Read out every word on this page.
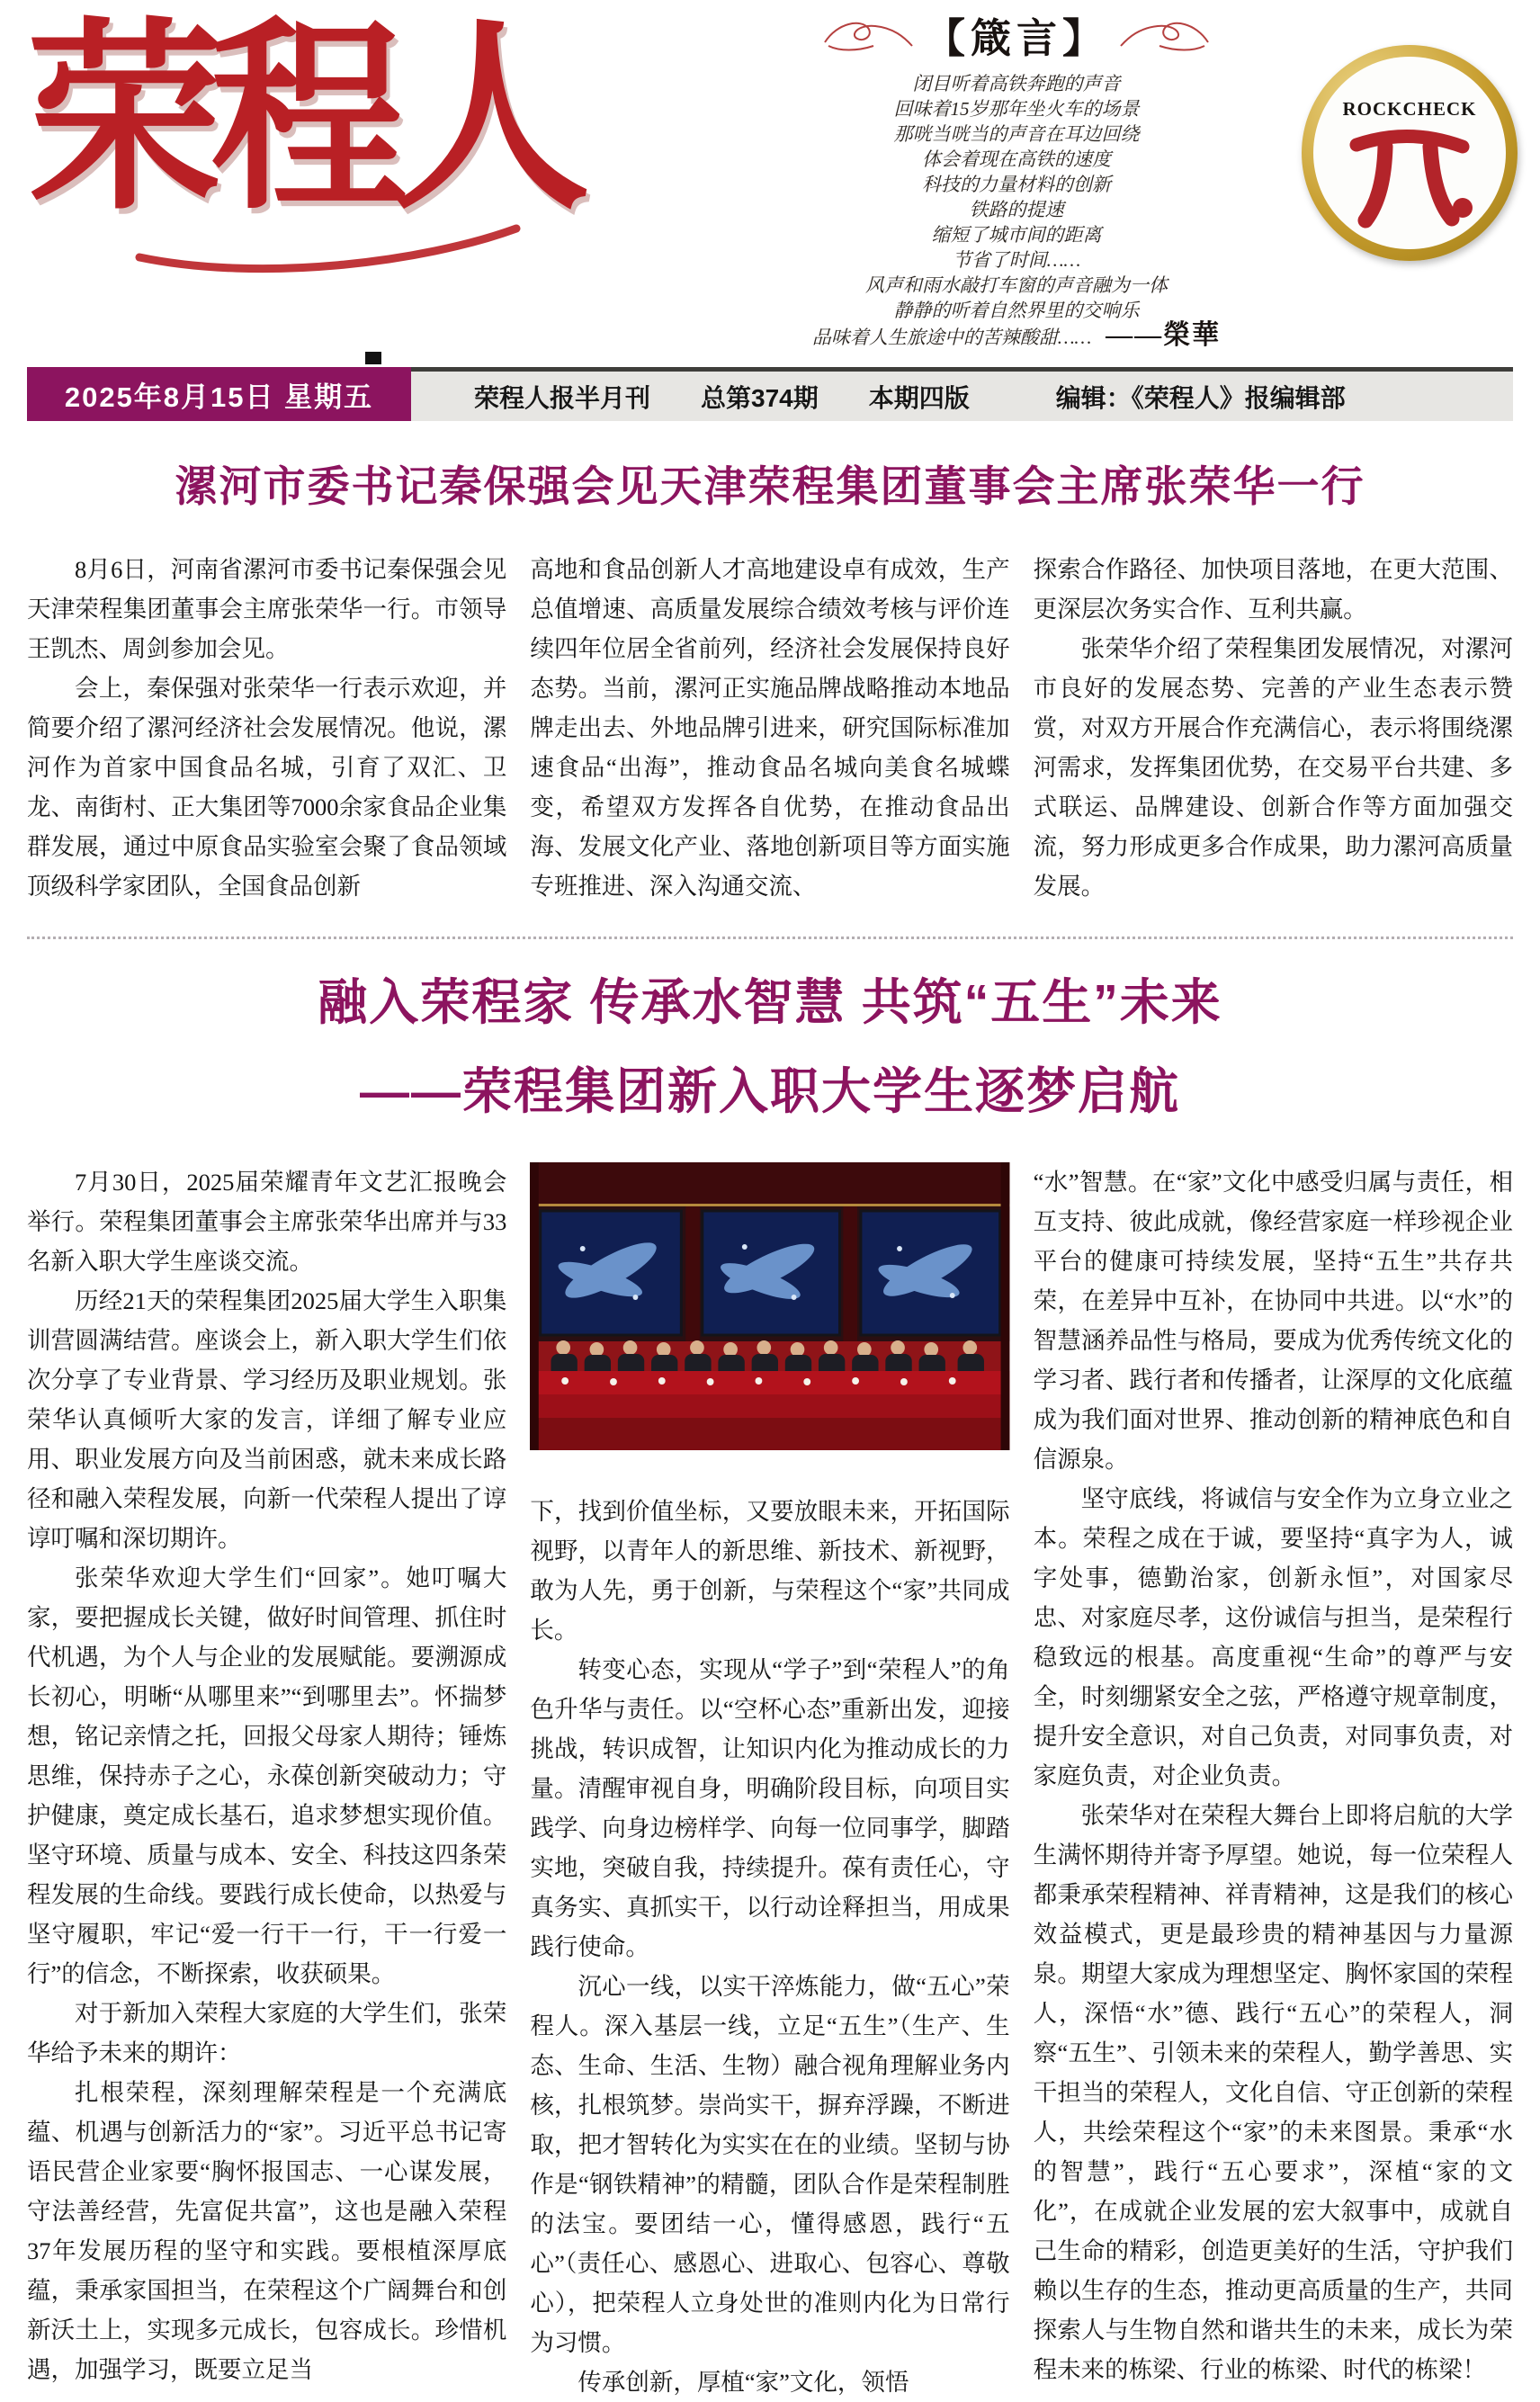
荣程人	【箴言】
闭目听着高铁奔跑的声音
回味着15岁那年坐火车的场景
那咣当咣当的声音在耳边回绕
体会着现在高铁的速度
科技的力量材料的创新
铁路的提速
缩短了城市间的距离
节省了时间……
风声和雨水敲打车窗的声音融为一体
静静的听着自然界里的交响乐
品味着人生旅途中的苦辣酸甜…… ——榮華
ROCKCHECK
2025年8月15日 星期五	荣程人报半月刊 总第374期 本期四版	编辑：《荣程人》报编辑部
漯河市委书记秦保强会见天津荣程集团董事会主席张荣华一行

8月6日，河南省漯河市委书记秦保强会见天津荣程集团董事会主席张荣华一行。市领导王凯杰、周剑参加会见。

会上，秦保强对张荣华一行表示欢迎，并简要介绍了漯河经济社会发展情况。他说，漯河作为首家中国食品名城，引育了双汇、卫龙、南街村、正大集团等7000余家食品企业集群发展，通过中原食品实验室会聚了食品领域顶级科学家团队，全国食品创新

高地和食品创新人才高地建设卓有成效，生产总值增速、高质量发展综合绩效考核与评价连续四年位居全省前列，经济社会发展保持良好态势。当前，漯河正实施品牌战略推动本地品牌走出去、外地品牌引进来，研究国际标准加速食品“出海”，推动食品名城向美食名城蝶变，希望双方发挥各自优势，在推动食品出海、发展文化产业、落地创新项目等方面实施专班推进、深入沟通交流、

探索合作路径、加快项目落地，在更大范围、更深层次务实合作、互利共赢。

张荣华介绍了荣程集团发展情况，对漯河市良好的发展态势、完善的产业生态表示赞赏，对双方开展合作充满信心，表示将围绕漯河需求，发挥集团优势，在交易平台共建、多式联运、品牌建设、创新合作等方面加强交流，努力形成更多合作成果，助力漯河高质量发展。

融入荣程家 传承水智慧 共筑“五生”未来
——荣程集团新入职大学生逐梦启航

7月30日，2025届荣耀青年文艺汇报晚会举行。荣程集团董事会主席张荣华出席并与33名新入职大学生座谈交流。

历经21天的荣程集团2025届大学生入职集训营圆满结营。座谈会上，新入职大学生们依次分享了专业背景、学习经历及职业规划。张荣华认真倾听大家的发言，详细了解专业应用、职业发展方向及当前困惑，就未来成长路径和融入荣程发展，向新一代荣程人提出了谆谆叮嘱和深切期许。

张荣华欢迎大学生们“回家”。她叮嘱大家，要把握成长关键，做好时间管理、抓住时代机遇，为个人与企业的发展赋能。要溯源成长初心，明晰“从哪里来”“到哪里去”。怀揣梦想，铭记亲情之托，回报父母家人期待；锤炼思维，保持赤子之心，永葆创新突破动力；守护健康，奠定成长基石，追求梦想实现价值。坚守环境、质量与成本、安全、科技这四条荣程发展的生命线。要践行成长使命，以热爱与坚守履职，牢记“爱一行干一行，干一行爱一行”的信念，不断探索，收获硕果。

对于新加入荣程大家庭的大学生们，张荣华给予未来的期许：

扎根荣程，深刻理解荣程是一个充满底蕴、机遇与创新活力的“家”。习近平总书记寄语民营企业家要“胸怀报国志、一心谋发展，守法善经营，先富促共富”，这也是融入荣程37年发展历程的坚守和实践。要根植深厚底蕴，秉承家国担当，在荣程这个广阔舞台和创新沃土上，实现多元成长，包容成长。珍惜机遇，加强学习，既要立足当

下，找到价值坐标，又要放眼未来，开拓国际视野，以青年人的新思维、新技术、新视野，敢为人先，勇于创新，与荣程这个“家”共同成长。

转变心态，实现从“学子”到“荣程人”的角色升华与责任。以“空杯心态”重新出发，迎接挑战，转识成智，让知识内化为推动成长的力量。清醒审视自身，明确阶段目标，向项目实践学、向身边榜样学、向每一位同事学，脚踏实地，突破自我，持续提升。葆有责任心，守真务实、真抓实干，以行动诠释担当，用成果践行使命。

沉心一线，以实干淬炼能力，做“五心”荣程人。深入基层一线，立足“五生”（生产、生态、生命、生活、生物）融合视角理解业务内核，扎根筑梦。崇尚实干，摒弃浮躁，不断进取，把才智转化为实实在在的业绩。坚韧与协作是“钢铁精神”的精髓，团队合作是荣程制胜的法宝。要团结一心，懂得感恩，践行“五心”（责任心、感恩心、进取心、包容心、尊敬心），把荣程人立身处世的准则内化为日常行为习惯。

传承创新，厚植“家”文化，领悟

“水”智慧。在“家”文化中感受归属与责任，相互支持、彼此成就，像经营家庭一样珍视企业平台的健康可持续发展，坚持“五生”共存共荣，在差异中互补，在协同中共进。以“水”的智慧涵养品性与格局，要成为优秀传统文化的学习者、践行者和传播者，让深厚的文化底蕴成为我们面对世界、推动创新的精神底色和自信源泉。

坚守底线，将诚信与安全作为立身立业之本。荣程之成在于诚，要坚持“真字为人，诚字处事，德勤治家，创新永恒”，对国家尽忠、对家庭尽孝，这份诚信与担当，是荣程行稳致远的根基。高度重视“生命”的尊严与安全，时刻绷紧安全之弦，严格遵守规章制度，提升安全意识，对自己负责，对同事负责，对家庭负责，对企业负责。

张荣华对在荣程大舞台上即将启航的大学生满怀期待并寄予厚望。她说，每一位荣程人都秉承荣程精神、祥青精神，这是我们的核心效益模式，更是最珍贵的精神基因与力量源泉。期望大家成为理想坚定、胸怀家国的荣程人，深悟“水”德、践行“五心”的荣程人，洞察“五生”、引领未来的荣程人，勤学善思、实干担当的荣程人，文化自信、守正创新的荣程人，共绘荣程这个“家”的未来图景。秉承“水的智慧”，践行“五心要求”，深植“家的文化”，在成就企业发展的宏大叙事中，成就自己生命的精彩，创造更美好的生活，守护我们赖以生存的生态，推动更高质量的生产，共同探索人与生物自然和谐共生的未来，成长为荣程未来的栋梁、行业的栋梁、时代的栋梁！
